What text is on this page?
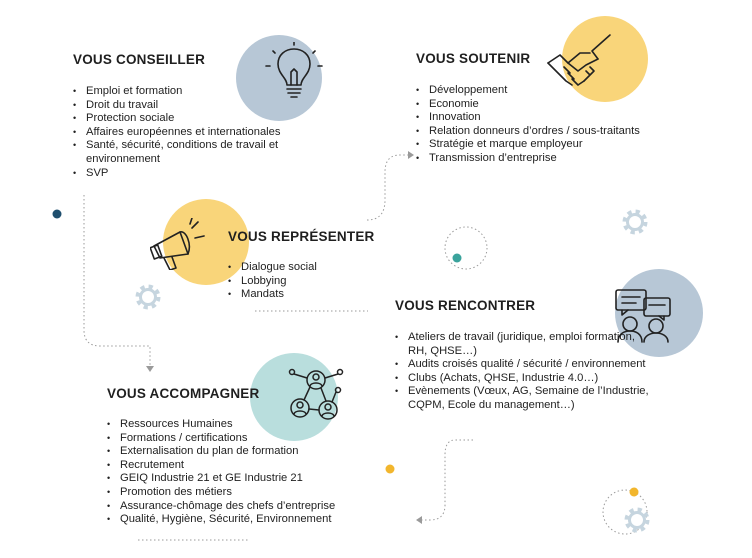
VOUS CONSEILLER
• Emploi et formation
• Droit du travail
• Protection sociale
• Affaires européennes et internationales
• Santé, sécurité, conditions de travail et environnement
• SVP
VOUS SOUTENIR
• Développement
• Economie
• Innovation
• Relation donneurs d’ordres / sous-traitants
• Stratégie et marque employeur
• Transmission d’entreprise
VOUS REPRÉSENTER
• Dialogue social
• Lobbying
• Mandats
VOUS RENCONTRER
• Ateliers de travail (juridique, emploi formation, RH, QHSE…)
• Audits croisés qualité / sécurité / environnement
• Clubs (Achats, QHSE, Industrie 4.0…)
• Evènements (Vœux, AG, Semaine de l’Industrie, CQPM, Ecole du management…)
VOUS ACCOMPAGNER
• Ressources Humaines
• Formations / certifications
• Externalisation du plan de formation
• Recrutement
• GEIQ Industrie 21 et GE Industrie 21
• Promotion des métiers
• Assurance-chômage des chefs d’entreprise
• Qualité, Hygiène, Sécurité, Environnement
